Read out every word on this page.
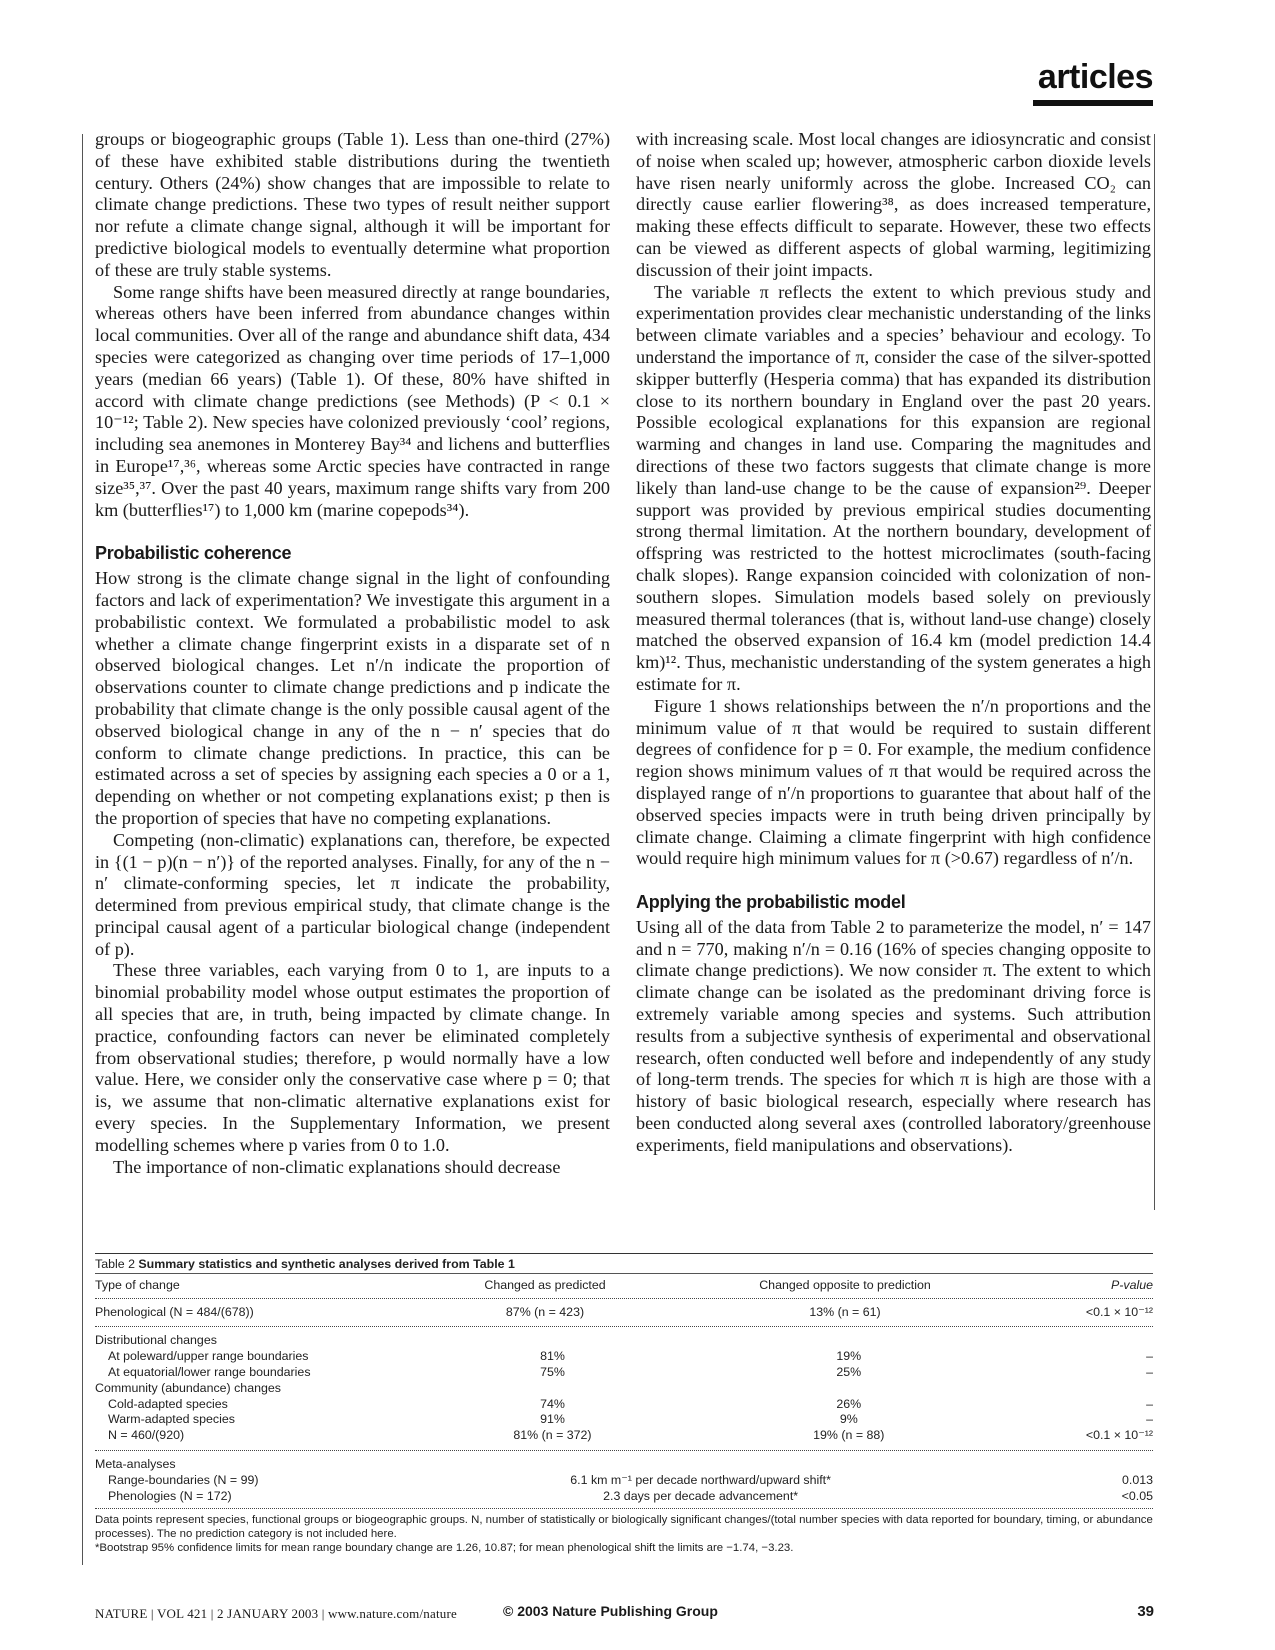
articles

groups or biogeographic groups (Table 1). Less than one-third (27%) of these have exhibited stable distributions during the twentieth century. Others (24%) show changes that are impossible to relate to climate change predictions. These two types of result neither support nor refute a climate change signal, although it will be important for predictive biological models to eventually determine what proportion of these are truly stable systems.

Some range shifts have been measured directly at range boundaries, whereas others have been inferred from abundance changes within local communities. Over all of the range and abundance shift data, 434 species were categorized as changing over time periods of 17–1,000 years (median 66 years) (Table 1). Of these, 80% have shifted in accord with climate change predictions (see Methods) (P < 0.1 × 10⁻¹²; Table 2). New species have colonized previously ‘cool’ regions, including sea anemones in Monterey Bay³⁴ and lichens and butterflies in Europe¹⁷,³⁶, whereas some Arctic species have contracted in range size³⁵,³⁷. Over the past 40 years, maximum range shifts vary from 200 km (butterflies¹⁷) to 1,000 km (marine copepods³⁴).

Probabilistic coherence

How strong is the climate change signal in the light of confounding factors and lack of experimentation? We investigate this argument in a probabilistic context. We formulated a probabilistic model to ask whether a climate change fingerprint exists in a disparate set of n observed biological changes. Let n′/n indicate the proportion of observations counter to climate change predictions and p indicate the probability that climate change is the only possible causal agent of the observed biological change in any of the n − n′ species that do conform to climate change predictions. In practice, this can be estimated across a set of species by assigning each species a 0 or a 1, depending on whether or not competing explanations exist; p then is the proportion of species that have no competing explanations.

Competing (non-climatic) explanations can, therefore, be expected in {(1 − p)(n − n′)} of the reported analyses. Finally, for any of the n − n′ climate-conforming species, let π indicate the probability, determined from previous empirical study, that climate change is the principal causal agent of a particular biological change (independent of p).

These three variables, each varying from 0 to 1, are inputs to a binomial probability model whose output estimates the proportion of all species that are, in truth, being impacted by climate change. In practice, confounding factors can never be eliminated completely from observational studies; therefore, p would normally have a low value. Here, we consider only the conservative case where p = 0; that is, we assume that non-climatic alternative explanations exist for every species. In the Supplementary Information, we present modelling schemes where p varies from 0 to 1.0.

The importance of non-climatic explanations should decrease

with increasing scale. Most local changes are idiosyncratic and consist of noise when scaled up; however, atmospheric carbon dioxide levels have risen nearly uniformly across the globe. Increased CO₂ can directly cause earlier flowering³⁸, as does increased temperature, making these effects difficult to separate. However, these two effects can be viewed as different aspects of global warming, legitimizing discussion of their joint impacts.

The variable π reflects the extent to which previous study and experimentation provides clear mechanistic understanding of the links between climate variables and a species’ behaviour and ecology. To understand the importance of π, consider the case of the silver-spotted skipper butterfly (Hesperia comma) that has expanded its distribution close to its northern boundary in England over the past 20 years. Possible ecological explanations for this expansion are regional warming and changes in land use. Comparing the magnitudes and directions of these two factors suggests that climate change is more likely than land-use change to be the cause of expansion²⁹. Deeper support was provided by previous empirical studies documenting strong thermal limitation. At the northern boundary, development of offspring was restricted to the hottest microclimates (south-facing chalk slopes). Range expansion coincided with colonization of non-southern slopes. Simulation models based solely on previously measured thermal tolerances (that is, without land-use change) closely matched the observed expansion of 16.4 km (model prediction 14.4 km)¹². Thus, mechanistic understanding of the system generates a high estimate for π.

Figure 1 shows relationships between the n′/n proportions and the minimum value of π that would be required to sustain different degrees of confidence for p = 0. For example, the medium confidence region shows minimum values of π that would be required across the displayed range of n′/n proportions to guarantee that about half of the observed species impacts were in truth being driven principally by climate change. Claiming a climate fingerprint with high confidence would require high minimum values for π (>0.67) regardless of n′/n.

Applying the probabilistic model

Using all of the data from Table 2 to parameterize the model, n′ = 147 and n = 770, making n′/n = 0.16 (16% of species changing opposite to climate change predictions). We now consider π. The extent to which climate change can be isolated as the predominant driving force is extremely variable among species and systems. Such attribution results from a subjective synthesis of experimental and observational research, often conducted well before and independently of any study of long-term trends. The species for which π is high are those with a history of basic biological research, especially where research has been conducted along several axes (controlled laboratory/greenhouse experiments, field manipulations and observations).

Table 2 Summary statistics and synthetic analyses derived from Table 1
Type of change	Changed as predicted	Changed opposite to prediction	P-value
Phenological (N = 484/(678))	87% (n = 423)	13% (n = 61)	<0.1 × 10⁻¹²
Distributional changes
At poleward/upper range boundaries	81%	19%	–
At equatorial/lower range boundaries	75%	25%	–
Community (abundance) changes
Cold-adapted species	74%	26%	–
Warm-adapted species	91%	9%	–
N = 460/(920)	81% (n = 372)	19% (n = 88)	<0.1 × 10⁻¹²
Meta-analyses
Range-boundaries (N = 99)	6.1 km m⁻¹ per decade northward/upward shift*	0.013
Phenologies (N = 172)	2.3 days per decade advancement*	<0.05
Data points represent species, functional groups or biogeographic groups. N, number of statistically or biologically significant changes/(total number species with data reported for boundary, timing, or abundance processes). The no prediction category is not included here.
*Bootstrap 95% confidence limits for mean range boundary change are 1.26, 10.87; for mean phenological shift the limits are −1.74, −3.23.
NATURE | VOL 421 | 2 JANUARY 2003 | www.nature.com/nature	© 2003 Nature Publishing Group	39
